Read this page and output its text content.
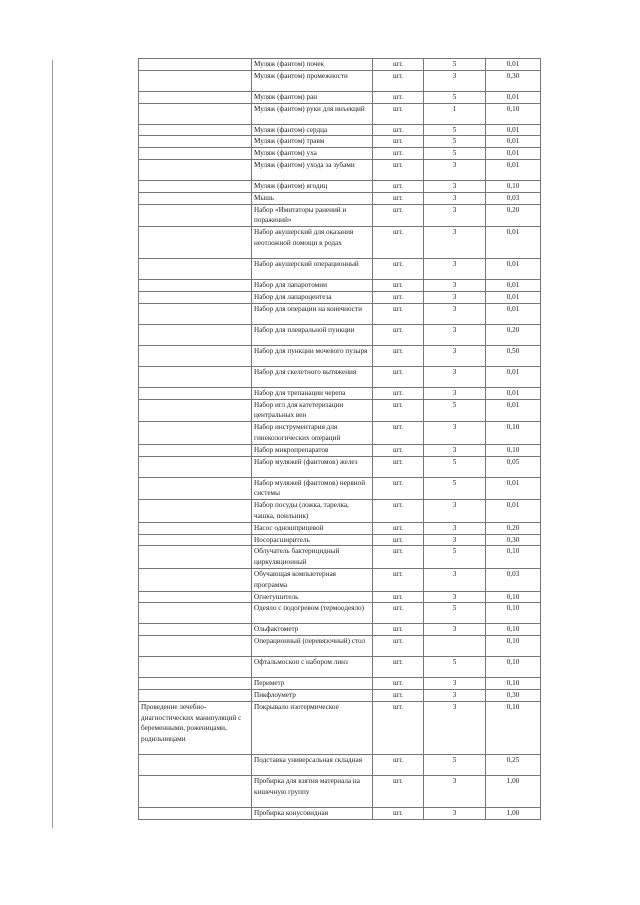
	Муляж (фантом) почек	шт.	5	0,01
	Муляж (фантом) промежности	шт.	3	0,30
	Муляж (фантом) ран	шт.	5	0,01
	Муляж (фантом) руки для инъекций	шт.	1	0,10
	Муляж (фантом) сердца	шт.	5	0,01
	Муляж (фантом) травм	шт.	5	0,01
	Муляж (фантом) уха	шт.	5	0,01
	Муляж (фантом) ухода за зубами	шт.	3	0,01
	Муляж (фантом) ягодиц	шт.	3	0,10
	Мышь	шт.	3	0,03
	Набор «Имитаторы ранений и поражений»	шт.	3	0,20
	Набор акушерский для оказания неотложной помощи в родах	шт.	3	0,01
	Набор акушерский операционный	шт.	3	0,01
	Набор для лапаротомии	шт.	3	0,01
	Набор для лапароцентеза	шт.	3	0,01
	Набор для операции на конечности	шт.	3	0,01
	Набор для плевральной пункции	шт.	3	0,20
	Набор для пункции мочевого пузыря	шт.	3	0,50
	Набор для скелетного вытяжения	шт.	3	0,01
	Набор для трепанации черепа	шт.	3	0,01
	Набор игл для катетеризации центральных вен	шт.	5	0,01
	Набор инструментария для гинекологических операций	шт.	3	0,10
	Набор микропрепаратов	шт.	3	0,10
	Набор муляжей (фантомов) желез	шт.	5	0,05
	Набор муляжей (фантомов) нервной системы	шт.	5	0,01
	Набор посуды (ложка, тарелка, чашка, поильник)	шт.	3	0,01
	Насос одношприцевой	шт.	3	0,20
	Носорасширитель	шт.	3	0,30
	Облучатель бактерицидный циркуляционный	шт.	5	0,10
	Обучающая компьютерная программа	шт.	3	0,03
	Огнетушитель	шт.	3	0,10
	Одеяло с подогревом (термоодеяло)	шт.	5	0,10
	Ольфактометр	шт.	3	0,10
	Операционный (перевязочный) стол	шт.		0,10
	Офтальмоскоп с набором линз	шт.	5	0,10
	Периметр	шт.	3	0,10
	Пикфлоуметр	шт.	3	0,30
Проведение лечебно-диагностических манипуляций с беременными, роженицами, родильницами	Покрывало изотермическое	шт.	3	0,10
	Подставка универсальная складная	шт.	5	0,25
	Пробирка для взятия материала на кишечную группу	шт.	3	1,00
	Пробирка конусовидная	шт.	3	1,00
